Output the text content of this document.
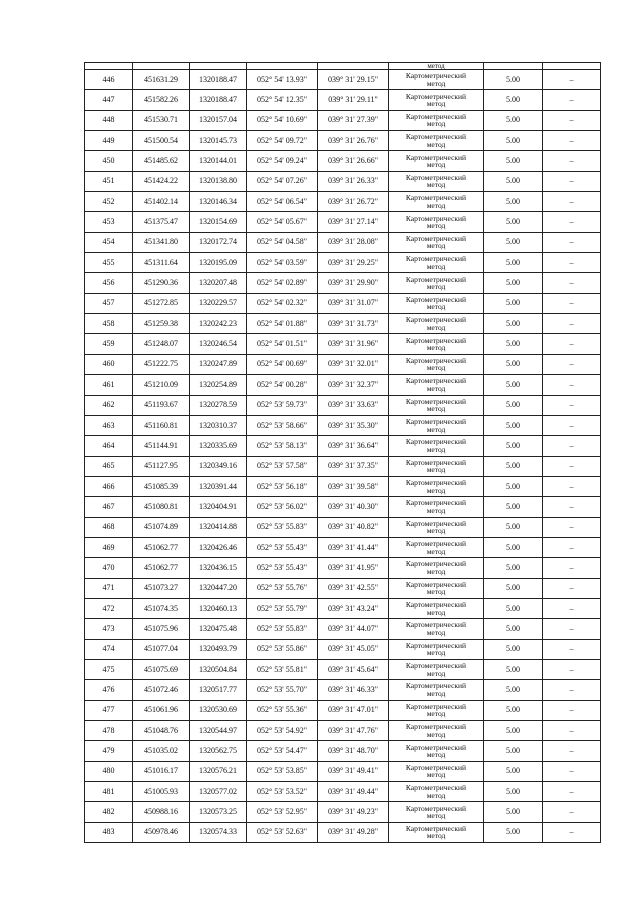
					метод		
446	451631.29	1320188.47	052° 54' 13.93"	039° 31' 29.15"	Картометрический
метод	5.00	–
447	451582.26	1320188.47	052° 54' 12.35"	039° 31' 29.11"	Картометрический
метод	5.00	–
448	451530.71	1320157.04	052° 54' 10.69"	039° 31' 27.39"	Картометрический
метод	5.00	–
449	451500.54	1320145.73	052° 54' 09.72"	039° 31' 26.76"	Картометрический
метод	5.00	–
450	451485.62	1320144.01	052° 54' 09.24"	039° 31' 26.66"	Картометрический
метод	5.00	–
451	451424.22	1320138.80	052° 54' 07.26"	039° 31' 26.33"	Картометрический
метод	5.00	–
452	451402.14	1320146.34	052° 54' 06.54"	039° 31' 26.72"	Картометрический
метод	5.00	–
453	451375.47	1320154.69	052° 54' 05.67"	039° 31' 27.14"	Картометрический
метод	5.00	–
454	451341.80	1320172.74	052° 54' 04.58"	039° 31' 28.08"	Картометрический
метод	5.00	–
455	451311.64	1320195.09	052° 54' 03.59"	039° 31' 29.25"	Картометрический
метод	5.00	–
456	451290.36	1320207.48	052° 54' 02.89"	039° 31' 29.90"	Картометрический
метод	5.00	–
457	451272.85	1320229.57	052° 54' 02.32"	039° 31' 31.07"	Картометрический
метод	5.00	–
458	451259.38	1320242.23	052° 54' 01.88"	039° 31' 31.73"	Картометрический
метод	5.00	–
459	451248.07	1320246.54	052° 54' 01.51"	039° 31' 31.96"	Картометрический
метод	5.00	–
460	451222.75	1320247.89	052° 54' 00.69"	039° 31' 32.01"	Картометрический
метод	5.00	–
461	451210.09	1320254.89	052° 54' 00.28"	039° 31' 32.37"	Картометрический
метод	5.00	–
462	451193.67	1320278.59	052° 53' 59.73"	039° 31' 33.63"	Картометрический
метод	5.00	–
463	451160.81	1320310.37	052° 53' 58.66"	039° 31' 35.30"	Картометрический
метод	5.00	–
464	451144.91	1320335.69	052° 53' 58.13"	039° 31' 36.64"	Картометрический
метод	5.00	–
465	451127.95	1320349.16	052° 53' 57.58"	039° 31' 37.35"	Картометрический
метод	5.00	–
466	451085.39	1320391.44	052° 53' 56.18"	039° 31' 39.58"	Картометрический
метод	5.00	–
467	451080.81	1320404.91	052° 53' 56.02"	039° 31' 40.30"	Картометрический
метод	5.00	–
468	451074.89	1320414.88	052° 53' 55.83"	039° 31' 40.82"	Картометрический
метод	5.00	–
469	451062.77	1320426.46	052° 53' 55.43"	039° 31' 41.44"	Картометрический
метод	5.00	–
470	451062.77	1320436.15	052° 53' 55.43"	039° 31' 41.95"	Картометрический
метод	5.00	–
471	451073.27	1320447.20	052° 53' 55.76"	039° 31' 42.55"	Картометрический
метод	5.00	–
472	451074.35	1320460.13	052° 53' 55.79"	039° 31' 43.24"	Картометрический
метод	5.00	–
473	451075.96	1320475.48	052° 53' 55.83"	039° 31' 44.07"	Картометрический
метод	5.00	–
474	451077.04	1320493.79	052° 53' 55.86"	039° 31' 45.05"	Картометрический
метод	5.00	–
475	451075.69	1320504.84	052° 53' 55.81"	039° 31' 45.64"	Картометрический
метод	5.00	–
476	451072.46	1320517.77	052° 53' 55.70"	039° 31' 46.33"	Картометрический
метод	5.00	–
477	451061.96	1320530.69	052° 53' 55.36"	039° 31' 47.01"	Картометрический
метод	5.00	–
478	451048.76	1320544.97	052° 53' 54.92"	039° 31' 47.76"	Картометрический
метод	5.00	–
479	451035.02	1320562.75	052° 53' 54.47"	039° 31' 48.70"	Картометрический
метод	5.00	–
480	451016.17	1320576.21	052° 53' 53.85"	039° 31' 49.41"	Картометрический
метод	5.00	–
481	451005.93	1320577.02	052° 53' 53.52"	039° 31' 49.44"	Картометрический
метод	5.00	–
482	450988.16	1320573.25	052° 53' 52.95"	039° 31' 49.23"	Картометрический
метод	5.00	–
483	450978.46	1320574.33	052° 53' 52.63"	039° 31' 49.28"	Картометрический
метод	5.00	–
